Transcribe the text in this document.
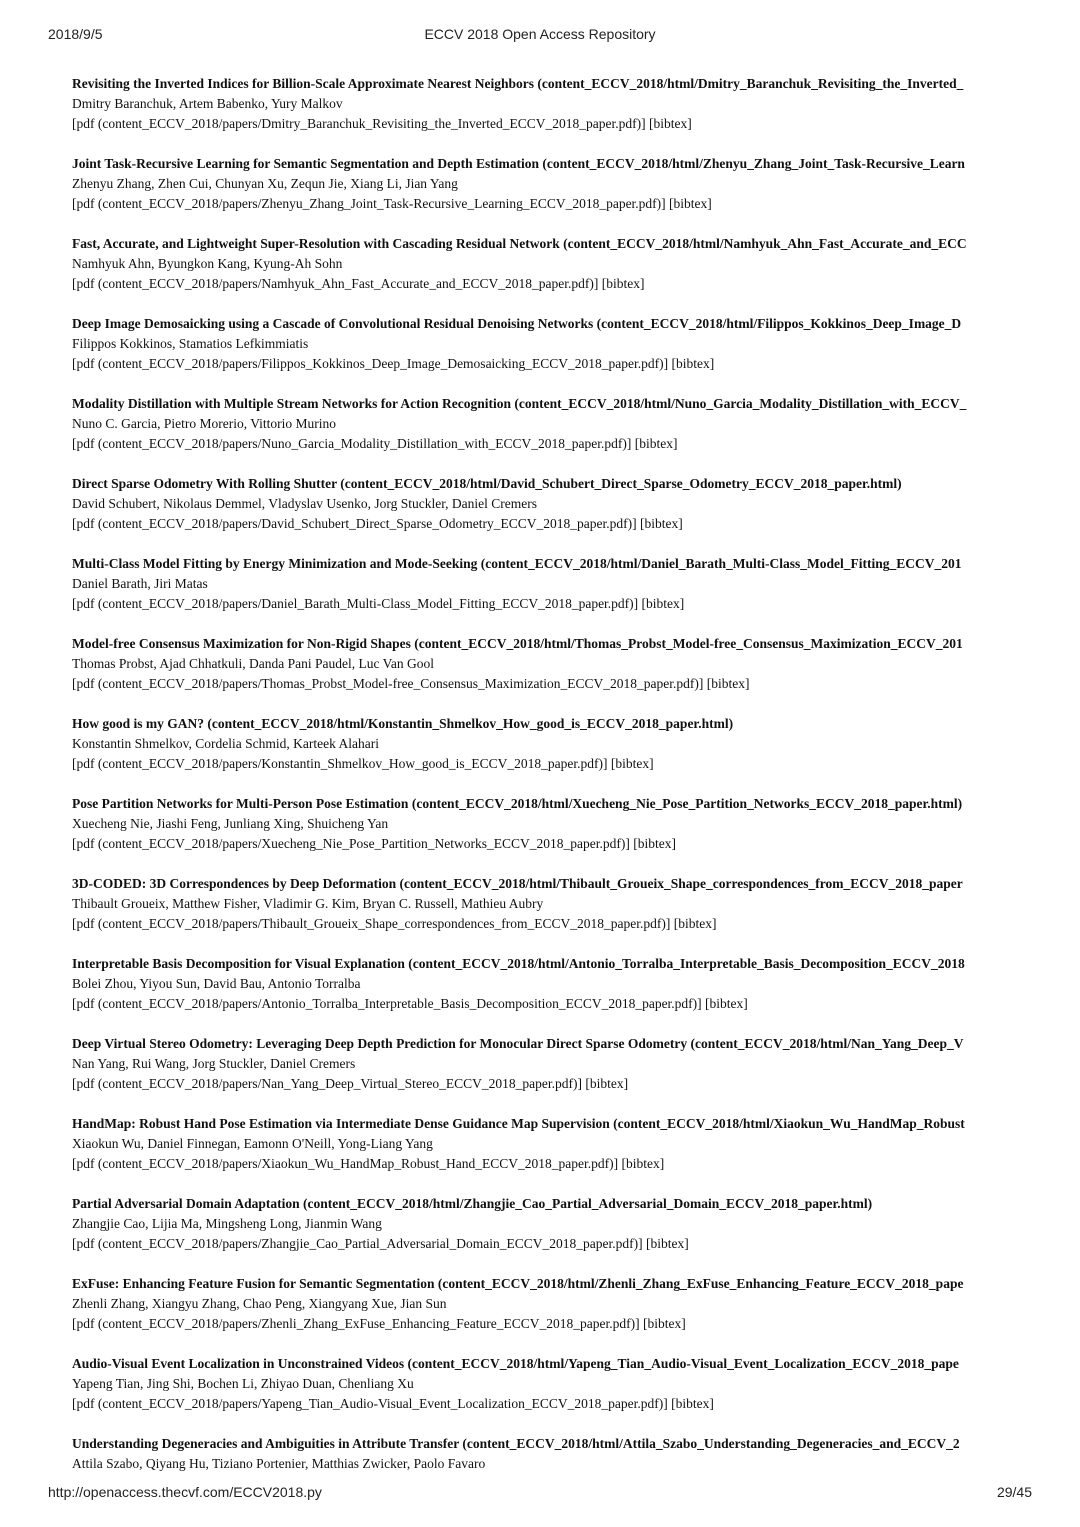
2018/9/5	ECCV 2018 Open Access Repository
Revisiting the Inverted Indices for Billion-Scale Approximate Nearest Neighbors (content_ECCV_2018/html/Dmitry_Baranchuk_Revisiting_the_Inverted_
Dmitry Baranchuk, Artem Babenko, Yury Malkov
[pdf (content_ECCV_2018/papers/Dmitry_Baranchuk_Revisiting_the_Inverted_ECCV_2018_paper.pdf)] [bibtex]
Joint Task-Recursive Learning for Semantic Segmentation and Depth Estimation (content_ECCV_2018/html/Zhenyu_Zhang_Joint_Task-Recursive_Learn
Zhenyu Zhang, Zhen Cui, Chunyan Xu, Zequn Jie, Xiang Li, Jian Yang
[pdf (content_ECCV_2018/papers/Zhenyu_Zhang_Joint_Task-Recursive_Learning_ECCV_2018_paper.pdf)] [bibtex]
Fast, Accurate, and Lightweight Super-Resolution with Cascading Residual Network (content_ECCV_2018/html/Namhyuk_Ahn_Fast_Accurate_and_ECC
Namhyuk Ahn, Byungkon Kang, Kyung-Ah Sohn
[pdf (content_ECCV_2018/papers/Namhyuk_Ahn_Fast_Accurate_and_ECCV_2018_paper.pdf)] [bibtex]
Deep Image Demosaicking using a Cascade of Convolutional Residual Denoising Networks (content_ECCV_2018/html/Filippos_Kokkinos_Deep_Image_D
Filippos Kokkinos, Stamatios Lefkimmiatis
[pdf (content_ECCV_2018/papers/Filippos_Kokkinos_Deep_Image_Demosaicking_ECCV_2018_paper.pdf)] [bibtex]
Modality Distillation with Multiple Stream Networks for Action Recognition (content_ECCV_2018/html/Nuno_Garcia_Modality_Distillation_with_ECCV_
Nuno C. Garcia, Pietro Morerio, Vittorio Murino
[pdf (content_ECCV_2018/papers/Nuno_Garcia_Modality_Distillation_with_ECCV_2018_paper.pdf)] [bibtex]
Direct Sparse Odometry With Rolling Shutter (content_ECCV_2018/html/David_Schubert_Direct_Sparse_Odometry_ECCV_2018_paper.html)
David Schubert, Nikolaus Demmel, Vladyslav Usenko, Jorg Stuckler, Daniel Cremers
[pdf (content_ECCV_2018/papers/David_Schubert_Direct_Sparse_Odometry_ECCV_2018_paper.pdf)] [bibtex]
Multi-Class Model Fitting by Energy Minimization and Mode-Seeking (content_ECCV_2018/html/Daniel_Barath_Multi-Class_Model_Fitting_ECCV_201
Daniel Barath, Jiri Matas
[pdf (content_ECCV_2018/papers/Daniel_Barath_Multi-Class_Model_Fitting_ECCV_2018_paper.pdf)] [bibtex]
Model-free Consensus Maximization for Non-Rigid Shapes (content_ECCV_2018/html/Thomas_Probst_Model-free_Consensus_Maximization_ECCV_201
Thomas Probst, Ajad Chhatkuli, Danda Pani Paudel, Luc Van Gool
[pdf (content_ECCV_2018/papers/Thomas_Probst_Model-free_Consensus_Maximization_ECCV_2018_paper.pdf)] [bibtex]
How good is my GAN? (content_ECCV_2018/html/Konstantin_Shmelkov_How_good_is_ECCV_2018_paper.html)
Konstantin Shmelkov, Cordelia Schmid, Karteek Alahari
[pdf (content_ECCV_2018/papers/Konstantin_Shmelkov_How_good_is_ECCV_2018_paper.pdf)] [bibtex]
Pose Partition Networks for Multi-Person Pose Estimation (content_ECCV_2018/html/Xuecheng_Nie_Pose_Partition_Networks_ECCV_2018_paper.html)
Xuecheng Nie, Jiashi Feng, Junliang Xing, Shuicheng Yan
[pdf (content_ECCV_2018/papers/Xuecheng_Nie_Pose_Partition_Networks_ECCV_2018_paper.pdf)] [bibtex]
3D-CODED: 3D Correspondences by Deep Deformation (content_ECCV_2018/html/Thibault_Groueix_Shape_correspondences_from_ECCV_2018_paper
Thibault Groueix, Matthew Fisher, Vladimir G. Kim, Bryan C. Russell, Mathieu Aubry
[pdf (content_ECCV_2018/papers/Thibault_Groueix_Shape_correspondences_from_ECCV_2018_paper.pdf)] [bibtex]
Interpretable Basis Decomposition for Visual Explanation (content_ECCV_2018/html/Antonio_Torralba_Interpretable_Basis_Decomposition_ECCV_2018
Bolei Zhou, Yiyou Sun, David Bau, Antonio Torralba
[pdf (content_ECCV_2018/papers/Antonio_Torralba_Interpretable_Basis_Decomposition_ECCV_2018_paper.pdf)] [bibtex]
Deep Virtual Stereo Odometry: Leveraging Deep Depth Prediction for Monocular Direct Sparse Odometry (content_ECCV_2018/html/Nan_Yang_Deep_V
Nan Yang, Rui Wang, Jorg Stuckler, Daniel Cremers
[pdf (content_ECCV_2018/papers/Nan_Yang_Deep_Virtual_Stereo_ECCV_2018_paper.pdf)] [bibtex]
HandMap: Robust Hand Pose Estimation via Intermediate Dense Guidance Map Supervision (content_ECCV_2018/html/Xiaokun_Wu_HandMap_Robust
Xiaokun Wu, Daniel Finnegan, Eamonn O'Neill, Yong-Liang Yang
[pdf (content_ECCV_2018/papers/Xiaokun_Wu_HandMap_Robust_Hand_ECCV_2018_paper.pdf)] [bibtex]
Partial Adversarial Domain Adaptation (content_ECCV_2018/html/Zhangjie_Cao_Partial_Adversarial_Domain_ECCV_2018_paper.html)
Zhangjie Cao, Lijia Ma, Mingsheng Long, Jianmin Wang
[pdf (content_ECCV_2018/papers/Zhangjie_Cao_Partial_Adversarial_Domain_ECCV_2018_paper.pdf)] [bibtex]
ExFuse: Enhancing Feature Fusion for Semantic Segmentation (content_ECCV_2018/html/Zhenli_Zhang_ExFuse_Enhancing_Feature_ECCV_2018_pape
Zhenli Zhang, Xiangyu Zhang, Chao Peng, Xiangyang Xue, Jian Sun
[pdf (content_ECCV_2018/papers/Zhenli_Zhang_ExFuse_Enhancing_Feature_ECCV_2018_paper.pdf)] [bibtex]
Audio-Visual Event Localization in Unconstrained Videos (content_ECCV_2018/html/Yapeng_Tian_Audio-Visual_Event_Localization_ECCV_2018_pape
Yapeng Tian, Jing Shi, Bochen Li, Zhiyao Duan, Chenliang Xu
[pdf (content_ECCV_2018/papers/Yapeng_Tian_Audio-Visual_Event_Localization_ECCV_2018_paper.pdf)] [bibtex]
Understanding Degeneracies and Ambiguities in Attribute Transfer (content_ECCV_2018/html/Attila_Szabo_Understanding_Degeneracies_and_ECCV_2
Attila Szabo, Qiyang Hu, Tiziano Portenier, Matthias Zwicker, Paolo Favaro
http://openaccess.thecvf.com/ECCV2018.py	29/45
